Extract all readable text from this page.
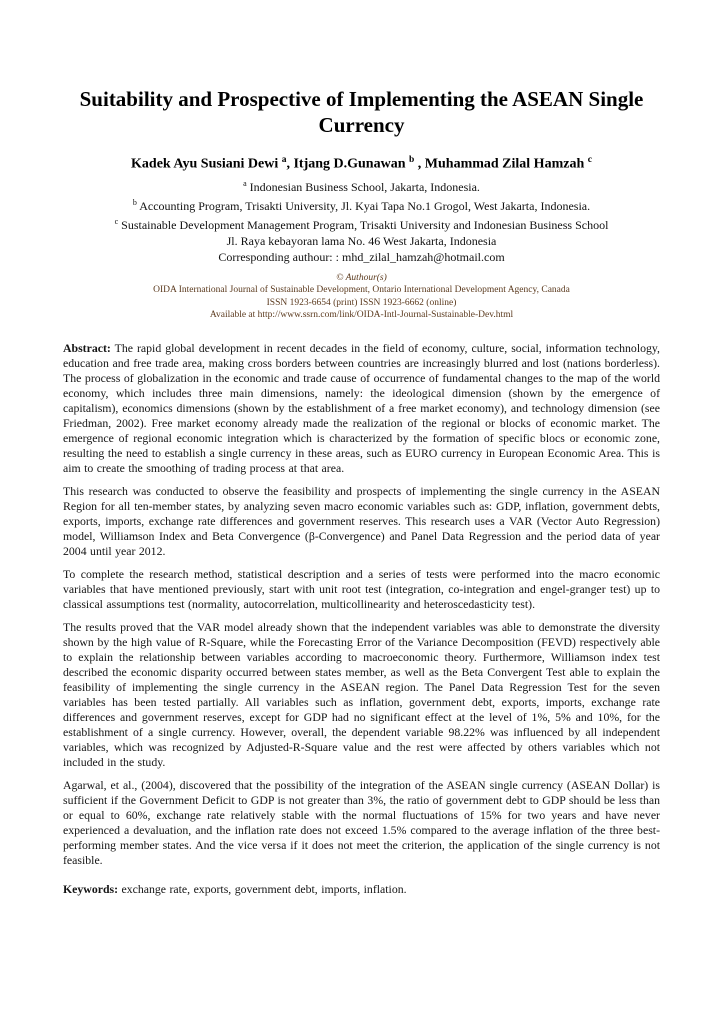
Suitability and Prospective of Implementing the ASEAN Single Currency
Kadek Ayu Susiani Dewi $^a$, Itjang D.Gunawan $^b$ , Muhammad Zilal Hamzah $^c$
$^a$ Indonesian Business School, Jakarta, Indonesia.
$^b$ Accounting Program, Trisakti University, Jl. Kyai Tapa No.1 Grogol, West Jakarta, Indonesia.
$^c$ Sustainable Development Management Program, Trisakti University and Indonesian Business School
Jl. Raya kebayoran lama No. 46 West Jakarta, Indonesia
Corresponding authour: : mhd_zilal_hamzah@hotmail.com
© Authour(s)
OIDA International Journal of Sustainable Development, Ontario International Development Agency, Canada
ISSN 1923-6654 (print) ISSN 1923-6662 (online)
Available at http://www.ssrn.com/link/OIDA-Intl-Journal-Sustainable-Dev.html

Abstract: The rapid global development in recent decades in the field of economy, culture, social, information technology, education and free trade area, making cross borders between countries are increasingly blurred and lost (nations borderless). The process of globalization in the economic and trade cause of occurrence of fundamental changes to the map of the world economy, which includes three main dimensions, namely: the ideological dimension (shown by the emergence of capitalism), economics dimensions (shown by the establishment of a free market economy), and technology dimension (see Friedman, 2002). Free market economy already made the realization of the regional or blocks of economic market. The emergence of regional economic integration which is characterized by the formation of specific blocs or economic zone, resulting the need to establish a single currency in these areas, such as EURO currency in European Economic Area. This is aim to create the smoothing of trading process at that area.

This research was conducted to observe the feasibility and prospects of implementing the single currency in the ASEAN Region for all ten-member states, by analyzing seven macro economic variables such as: GDP, inflation, government debts, exports, imports, exchange rate differences and government reserves. This research uses a VAR (Vector Auto Regression) model, Williamson Index and Beta Convergence (β-Convergence) and Panel Data Regression and the period data of year 2004 until year 2012.

To complete the research method, statistical description and a series of tests were performed into the macro economic variables that have mentioned previously, start with unit root test (integration, co-integration and engel-granger test) up to classical assumptions test (normality, autocorrelation, multicollinearity and heteroscedasticity test).

The results proved that the VAR model already shown that the independent variables was able to demonstrate the diversity shown by the high value of R-Square, while the Forecasting Error of the Variance Decomposition (FEVD) respectively able to explain the relationship between variables according to macroeconomic theory. Furthermore, Williamson index test described the economic disparity occurred between states member, as well as the Beta Convergent Test able to explain the feasibility of implementing the single currency in the ASEAN region. The Panel Data Regression Test for the seven variables has been tested partially. All variables such as inflation, government debt, exports, imports, exchange rate differences and government reserves, except for GDP had no significant effect at the level of 1%, 5% and 10%, for the establishment of a single currency. However, overall, the dependent variable 98.22% was influenced by all independent variables, which was recognized by Adjusted-R-Square value and the rest were affected by others variables which not included in the study.

Agarwal, et al., (2004), discovered that the possibility of the integration of the ASEAN single currency (ASEAN Dollar) is sufficient if the Government Deficit to GDP is not greater than 3%, the ratio of government debt to GDP should be less than or equal to 60%, exchange rate relatively stable with the normal fluctuations of 15% for two years and have never experienced a devaluation, and the inflation rate does not exceed 1.5% compared to the average inflation of the three best-performing member states. And the vice versa if it does not meet the criterion, the application of the single currency is not feasible.

Keywords: exchange rate, exports, government debt, imports, inflation.
